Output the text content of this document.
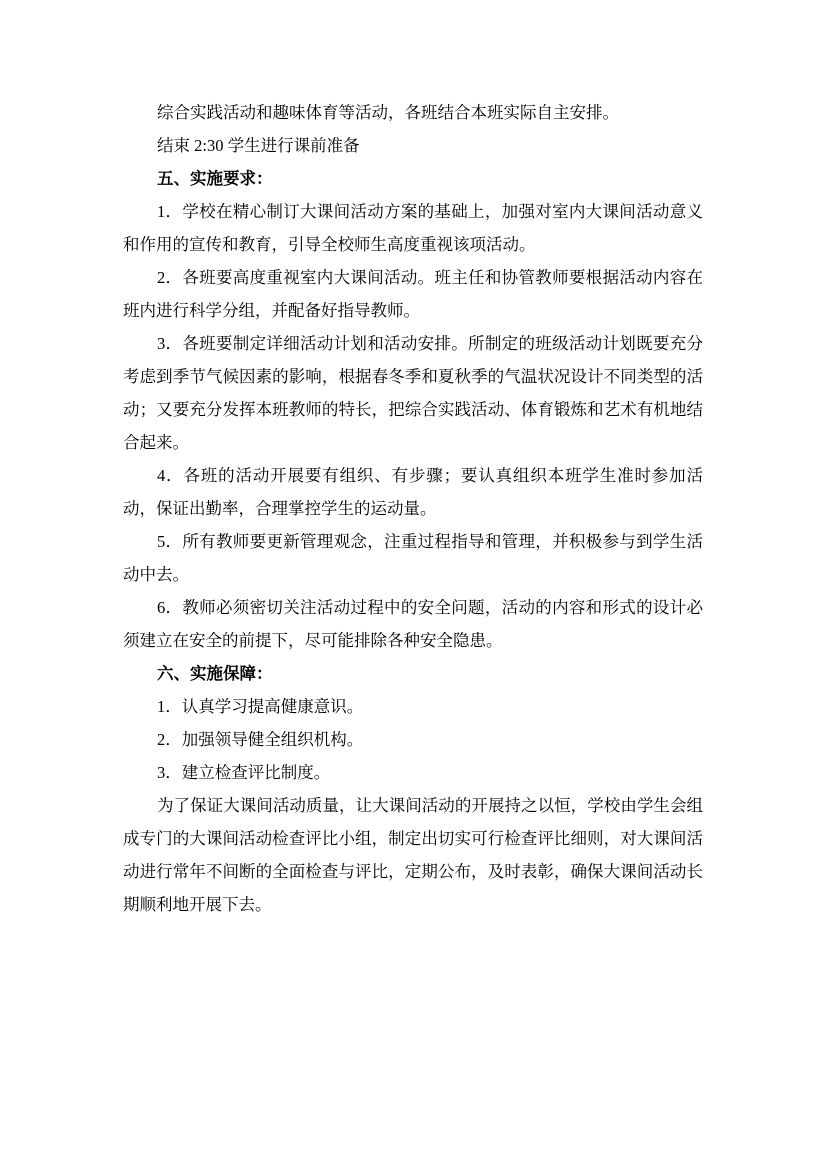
综合实践活动和趣味体育等活动，各班结合本班实际自主安排。

结束 2:30 学生进行课前准备

五、实施要求：

1．学校在精心制订大课间活动方案的基础上，加强对室内大课间活动意义和作用的宣传和教育，引导全校师生高度重视该项活动。

2．各班要高度重视室内大课间活动。班主任和协管教师要根据活动内容在班内进行科学分组，并配备好指导教师。

3．各班要制定详细活动计划和活动安排。所制定的班级活动计划既要充分考虑到季节气候因素的影响，根据春冬季和夏秋季的气温状况设计不同类型的活动；又要充分发挥本班教师的特长，把综合实践活动、体育锻炼和艺术有机地结合起来。

4．各班的活动开展要有组织、有步骤；要认真组织本班学生准时参加活动，保证出勤率，合理掌控学生的运动量。

5．所有教师要更新管理观念，注重过程指导和管理，并积极参与到学生活动中去。

6．教师必须密切关注活动过程中的安全问题，活动的内容和形式的设计必须建立在安全的前提下，尽可能排除各种安全隐患。

六、实施保障：

1．认真学习提高健康意识。

2．加强领导健全组织机构。

3．建立检查评比制度。

为了保证大课间活动质量，让大课间活动的开展持之以恒，学校由学生会组成专门的大课间活动检查评比小组，制定出切实可行检查评比细则，对大课间活动进行常年不间断的全面检查与评比，定期公布，及时表彰，确保大课间活动长期顺利地开展下去。
